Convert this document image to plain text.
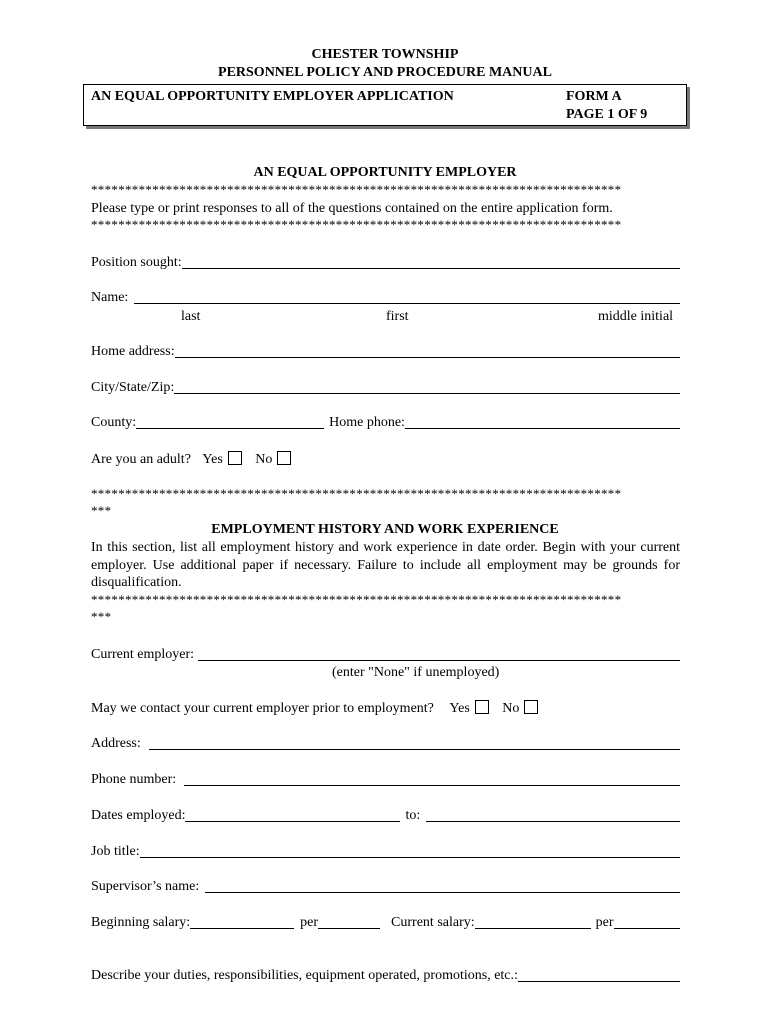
CHESTER TOWNSHIP
PERSONNEL POLICY AND PROCEDURE MANUAL
AN EQUAL OPPORTUNITY EMPLOYER APPLICATION	FORM A
PAGE 1 OF 9
AN EQUAL OPPORTUNITY EMPLOYER
******************************************************************************
Please type or print responses to all of the questions contained on the entire application form.
******************************************************************************
Position sought:
Name:
last	first	middle initial
Home address:
City/State/Zip:
County:	Home phone:
Are you an adult? Yes No
******************************************************************************
***
EMPLOYMENT HISTORY AND WORK EXPERIENCE
In this section, list all employment history and work experience in date order. Begin with your current employer. Use additional paper if necessary. Failure to include all employment may be grounds for disqualification.
******************************************************************************
***
Current employer:
(enter "None" if unemployed)
May we contact your current employer prior to employment? Yes No
Address:
Phone number:
Dates employed:	to:
Job title:
Supervisor’s name:
Beginning salary:	per	Current salary:	per
Describe your duties, responsibilities, equipment operated, promotions, etc.:
